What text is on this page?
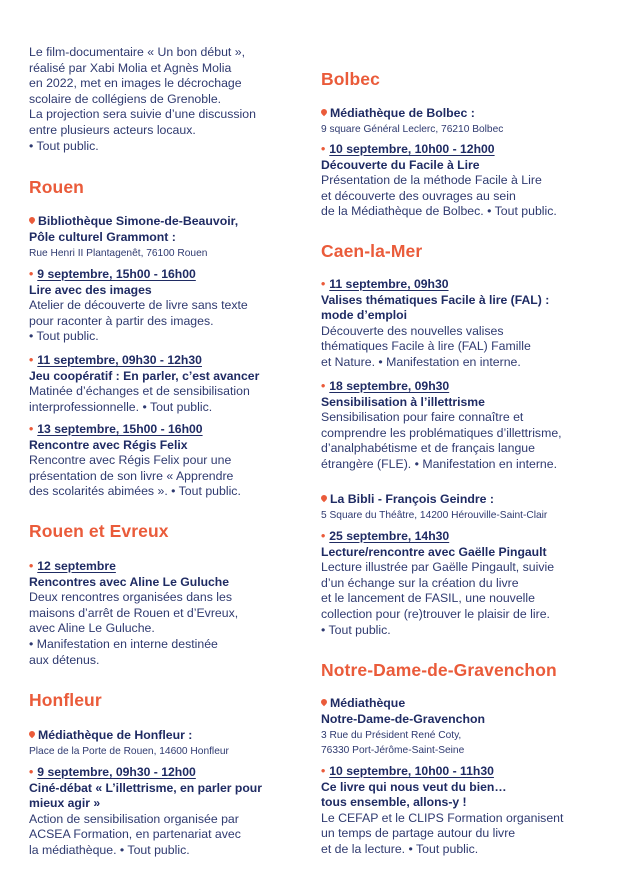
Le film-documentaire « Un bon début »,

réalisé par Xabi Molia et Agnès Molia

en 2022, met en images le décrochage

scolaire de collégiens de Grenoble.

La projection sera suivie d’une discussion

entre plusieurs acteurs locaux.

• Tout public.

Rouen
Bibliothèque Simone-de-Beauvoir,
Pôle culturel Grammont :
Rue Henri II Plantagenêt, 76100 Rouen
• 9 septembre, 15h00 - 16h00
Lire avec des images

Atelier de découverte de livre sans texte

pour raconter à partir des images.

• Tout public.

• 11 septembre, 09h30 - 12h30
Jeu coopératif : En parler, c’est avancer

Matinée d’échanges et de sensibilisation

interprofessionnelle. • Tout public.

• 13 septembre, 15h00 - 16h00
Rencontre avec Régis Felix

Rencontre avec Régis Felix pour une

présentation de son livre « Apprendre

des scolarités abimées ». • Tout public.

Rouen et Evreux
• 12 septembre
Rencontres avec Aline Le Guluche

Deux rencontres organisées dans les

maisons d’arrêt de Rouen et d’Evreux,

avec Aline Le Guluche.

• Manifestation en interne destinée

aux détenus.

Honfleur
Médiathèque de Honfleur :
Place de la Porte de Rouen, 14600 Honfleur
• 9 septembre, 09h30 - 12h00
Ciné-débat « L’illettrisme, en parler pour
mieux agir »

Action de sensibilisation organisée par

ACSEA Formation, en partenariat avec

la médiathèque. • Tout public.

Bolbec
Médiathèque de Bolbec :
9 square Général Leclerc, 76210 Bolbec
• 10 septembre, 10h00 - 12h00
Découverte du Facile à Lire

Présentation de la méthode Facile à Lire

et découverte des ouvrages au sein

de la Médiathèque de Bolbec. • Tout public.

Caen-la-Mer
• 11 septembre, 09h30
Valises thématiques Facile à lire (FAL) :
mode d’emploi

Découverte des nouvelles valises

thématiques Facile à lire (FAL) Famille

et Nature. • Manifestation en interne.

• 18 septembre, 09h30
Sensibilisation à l’illettrisme

Sensibilisation pour faire connaître et

comprendre les problématiques d’illettrisme,

d’analphabétisme et de français langue

étrangère (FLE). • Manifestation en interne.

La Bibli - François Geindre :
5 Square du Théâtre, 14200 Hérouville-Saint-Clair
• 25 septembre, 14h30
Lecture/rencontre avec Gaëlle Pingault

Lecture illustrée par Gaëlle Pingault, suivie

d’un échange sur la création du livre

et le lancement de FASIL, une nouvelle

collection pour (re)trouver le plaisir de lire.

• Tout public.

Notre-Dame-de-Gravenchon
Médiathèque
Notre-Dame-de-Gravenchon
3 Rue du Président René Coty,
76330 Port-Jérôme-Saint-Seine
• 10 septembre, 10h00 - 11h30
Ce livre qui nous veut du bien…
tous ensemble, allons-y !

Le CEFAP et le CLIPS Formation organisent

un temps de partage autour du livre

et de la lecture. • Tout public.
